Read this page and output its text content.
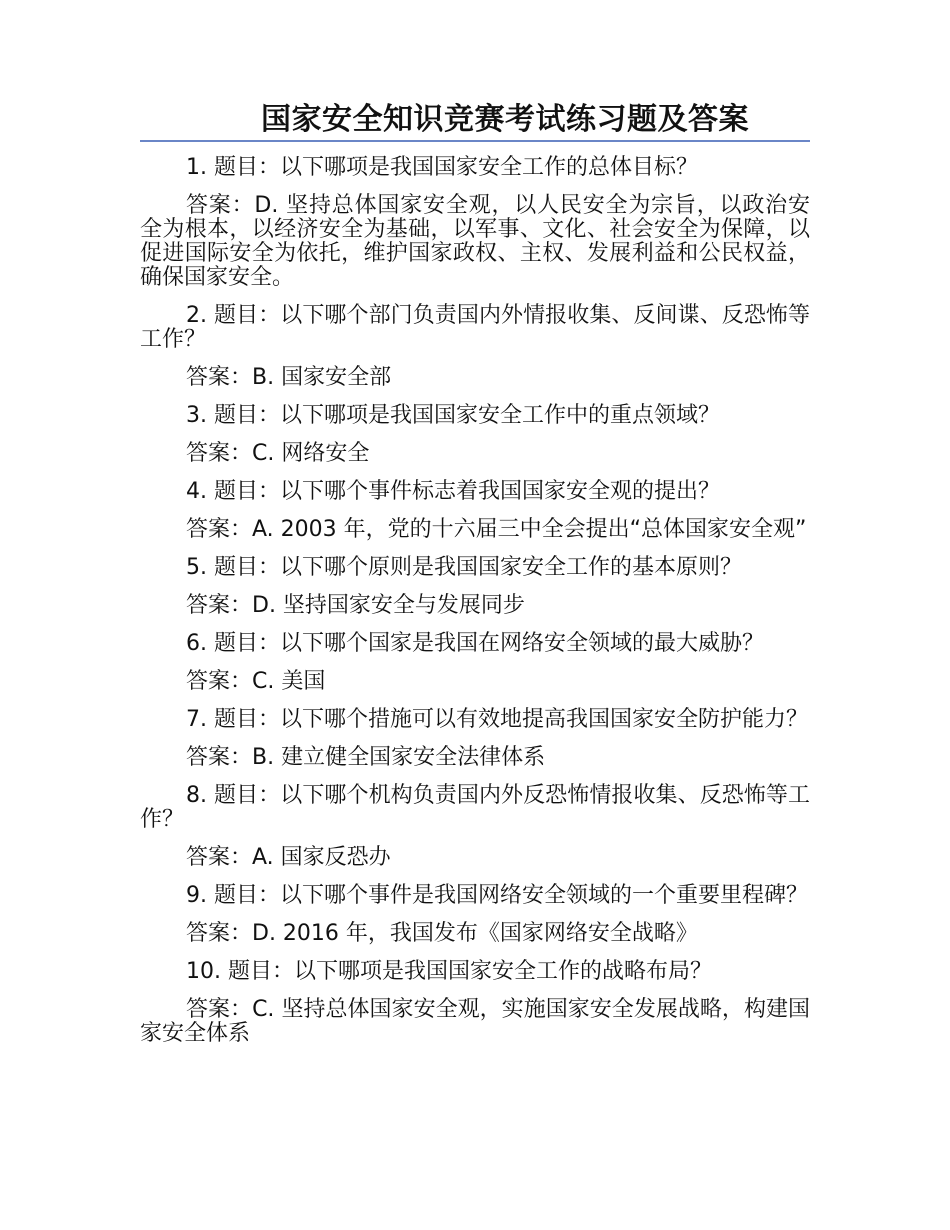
国家安全知识竞赛考试练习题及答案

1. 题目：以下哪项是我国国家安全工作的总体目标？

答案：D. 坚持总体国家安全观，以人民安全为宗旨，以政治安全为根本，以经济安全为基础，以军事、文化、社会安全为保障，以促进国际安全为依托，维护国家政权、主权、发展利益和公民权益，确保国家安全。

2. 题目：以下哪个部门负责国内外情报收集、反间谍、反恐怖等工作？

答案：B. 国家安全部

3. 题目：以下哪项是我国国家安全工作中的重点领域？

答案：C. 网络安全

4. 题目：以下哪个事件标志着我国国家安全观的提出？

答案：A. 2003 年，党的十六届三中全会提出“总体国家安全观”

5. 题目：以下哪个原则是我国国家安全工作的基本原则？

答案：D. 坚持国家安全与发展同步

6. 题目：以下哪个国家是我国在网络安全领域的最大威胁？

答案：C. 美国

7. 题目：以下哪个措施可以有效地提高我国国家安全防护能力？

答案：B. 建立健全国家安全法律体系

8. 题目：以下哪个机构负责国内外反恐怖情报收集、反恐怖等工作？

答案：A. 国家反恐办

9. 题目：以下哪个事件是我国网络安全领域的一个重要里程碑？

答案：D. 2016 年，我国发布《国家网络安全战略》

10. 题目：以下哪项是我国国家安全工作的战略布局？

答案：C. 坚持总体国家安全观，实施国家安全发展战略，构建国家安全体系
